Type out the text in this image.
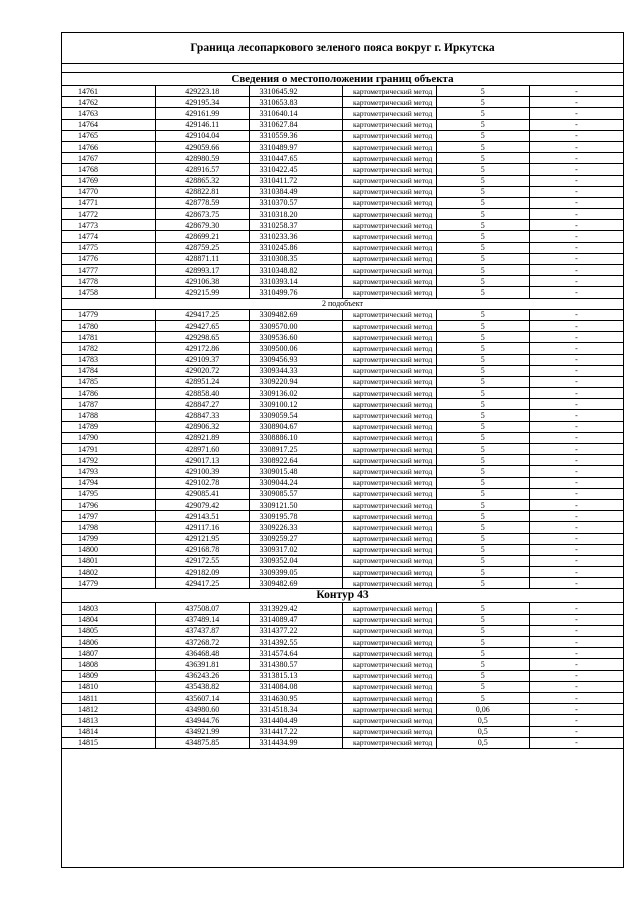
Граница лесопаркового зеленого пояса вокруг г. Иркутска
Сведения о местоположении границ объекта					
14761	429223.18	3310645.92	картометрический метод	5	-
14762	429195.34	3310653.83	картометрический метод	5	-
14763	429161.99	3310640.14	картометрический метод	5	-
14764	429146.11	3310627.84	картометрический метод	5	-
14765	429104.04	3310559.36	картометрический метод	5	-
14766	429059.66	3310489.97	картометрический метод	5	-
14767	428980.59	3310447.65	картометрический метод	5	-
14768	428916.57	3310422.45	картометрический метод	5	-
14769	428865.32	3310411.72	картометрический метод	5	-
14770	428822.81	3310384.49	картометрический метод	5	-
14771	428778.59	3310370.57	картометрический метод	5	-
14772	428673.75	3310318.20	картометрический метод	5	-
14773	428679.30	3310258.37	картометрический метод	5	-
14774	428699.21	3310233.36	картометрический метод	5	-
14775	428759.25	3310245.86	картометрический метод	5	-
14776	428871.11	3310308.35	картометрический метод	5	-
14777	428993.17	3310348.82	картометрический метод	5	-
14778	429106.38	3310393.14	картометрический метод	5	-
14758	429215.99	3310499.76	картометрический метод	5	-
2 подобъект					
14779	429417.25	3309482.69	картометрический метод	5	-
14780	429427.65	3309570.00	картометрический метод	5	-
14781	429298.65	3309536.60	картометрический метод	5	-
14782	429172.86	3309500.06	картометрический метод	5	-
14783	429109.37	3309456.93	картометрический метод	5	-
14784	429020.72	3309344.33	картометрический метод	5	-
14785	428951.24	3309220.94	картометрический метод	5	-
14786	428858.40	3309136.02	картометрический метод	5	-
14787	428847.27	3309100.12	картометрический метод	5	-
14788	428847.33	3309059.54	картометрический метод	5	-
14789	428906.32	3308904.67	картометрический метод	5	-
14790	428921.89	3308886.10	картометрический метод	5	-
14791	428971.60	3308917.25	картометрический метод	5	-
14792	429017.13	3308922.64	картометрический метод	5	-
14793	429100.39	3309015.48	картометрический метод	5	-
14794	429102.78	3309044.24	картометрический метод	5	-
14795	429085.41	3309085.57	картометрический метод	5	-
14796	429079.42	3309121.50	картометрический метод	5	-
14797	429143.51	3309195.78	картометрический метод	5	-
14798	429117.16	3309226.33	картометрический метод	5	-
14799	429121.95	3309259.27	картометрический метод	5	-
14800	429168.78	3309317.02	картометрический метод	5	-
14801	429172.55	3309352.04	картометрический метод	5	-
14802	429182.09	3309399.05	картометрический метод	5	-
14779	429417.25	3309482.69	картометрический метод	5	-
Контур 43					
14803	437508.07	3313929.42	картометрический метод	5	-
14804	437489.14	3314089.47	картометрический метод	5	-
14805	437437.87	3314377.22	картометрический метод	5	-
14806	437268.72	3314392.55	картометрический метод	5	-
14807	436468.48	3314574.64	картометрический метод	5	-
14808	436391.81	3314380.57	картометрический метод	5	-
14809	436243.26	3313815.13	картометрический метод	5	-
14810	435438.82	3314084.08	картометрический метод	5	-
14811	435607.14	3314630.95	картометрический метод	5	-
14812	434980.60	3314518.34	картометрический метод	0,06	-
14813	434944.76	3314404.49	картометрический метод	0,5	-
14814	434921.99	3314417.22	картометрический метод	0,5	-
14815	434875.85	3314434.99	картометрический метод	0,5	-
